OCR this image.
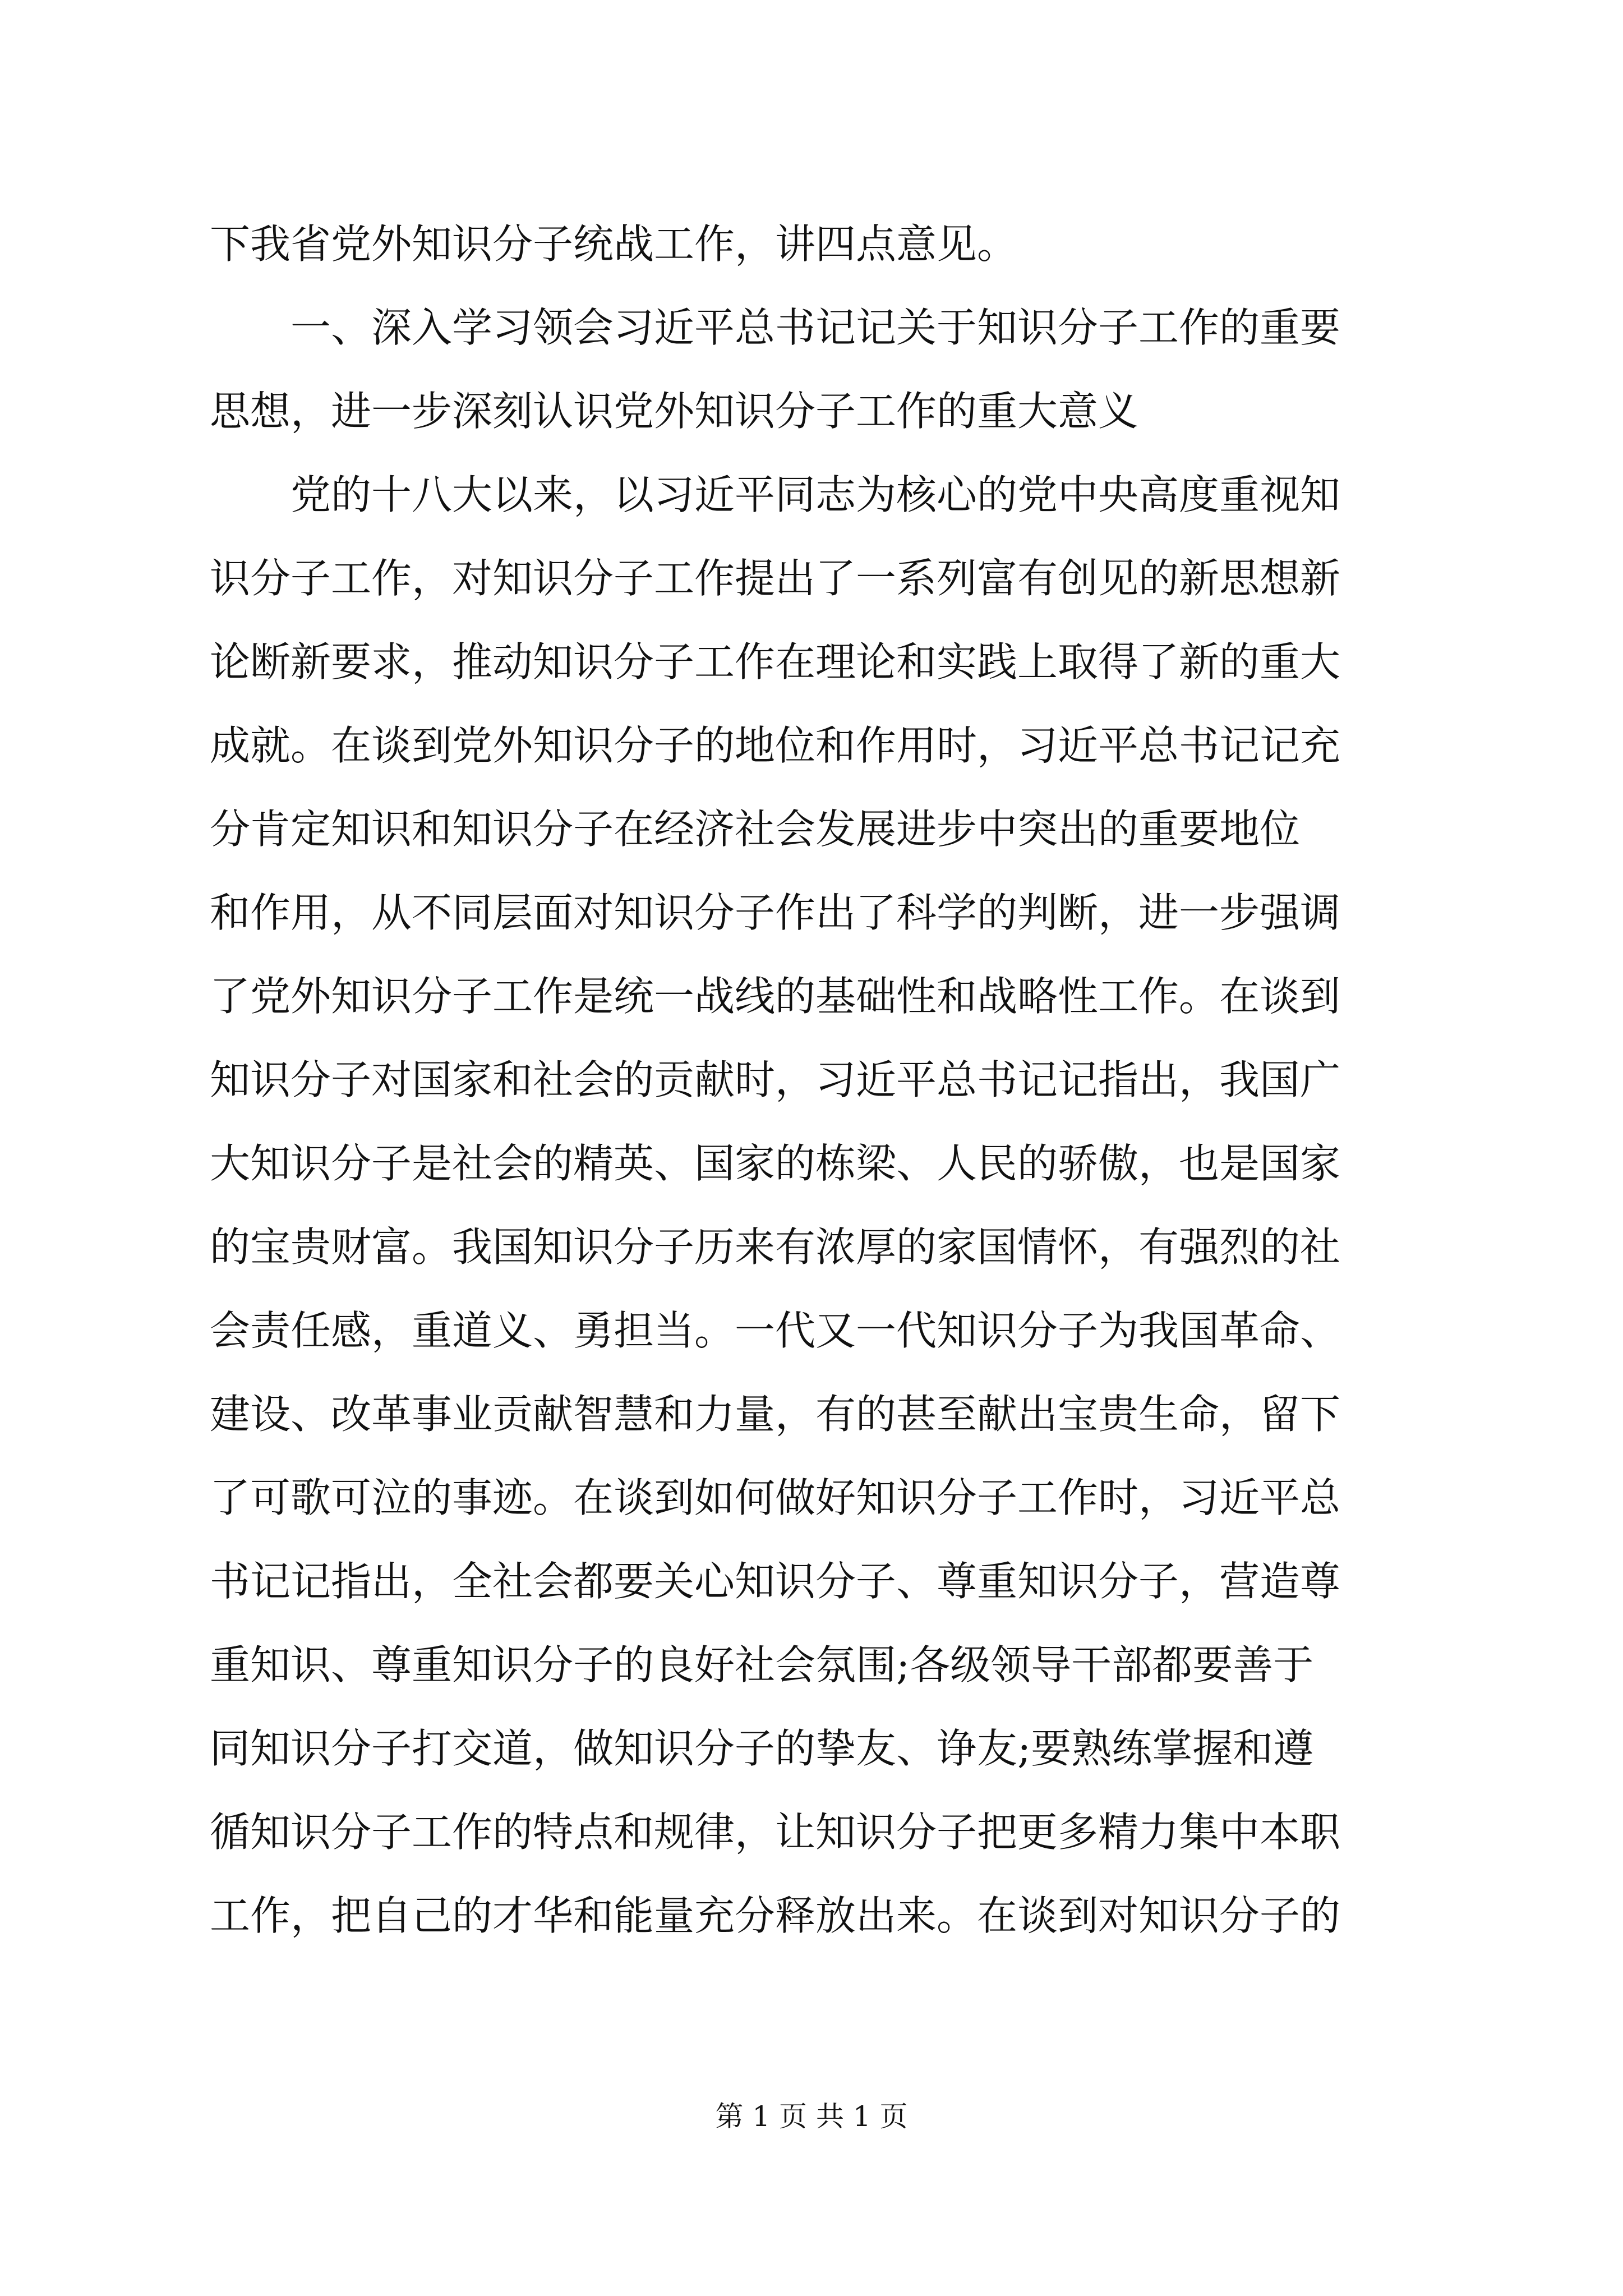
下我省党外知识分子统战工作，讲四点意见。
　　一、深入学习领会习近平总书记记关于知识分子工作的重要
思想，进一步深刻认识党外知识分子工作的重大意义
　　党的十八大以来，以习近平同志为核心的党中央高度重视知
识分子工作，对知识分子工作提出了一系列富有创见的新思想新
论断新要求，推动知识分子工作在理论和实践上取得了新的重大
成就。在谈到党外知识分子的地位和作用时，习近平总书记记充
分肯定知识和知识分子在经济社会发展进步中突出的重要地位
和作用，从不同层面对知识分子作出了科学的判断，进一步强调
了党外知识分子工作是统一战线的基础性和战略性工作。在谈到
知识分子对国家和社会的贡献时，习近平总书记记指出，我国广
大知识分子是社会的精英、国家的栋梁、人民的骄傲，也是国家
的宝贵财富。我国知识分子历来有浓厚的家国情怀，有强烈的社
会责任感，重道义、勇担当。一代又一代知识分子为我国革命、
建设、改革事业贡献智慧和力量，有的甚至献出宝贵生命，留下
了可歌可泣的事迹。在谈到如何做好知识分子工作时，习近平总
书记记指出，全社会都要关心知识分子、尊重知识分子，营造尊
重知识、尊重知识分子的良好社会氛围;各级领导干部都要善于
同知识分子打交道，做知识分子的挚友、诤友;要熟练掌握和遵
循知识分子工作的特点和规律，让知识分子把更多精力集中本职
工作，把自己的才华和能量充分释放出来。在谈到对知识分子的
第 1 页 共 1 页
